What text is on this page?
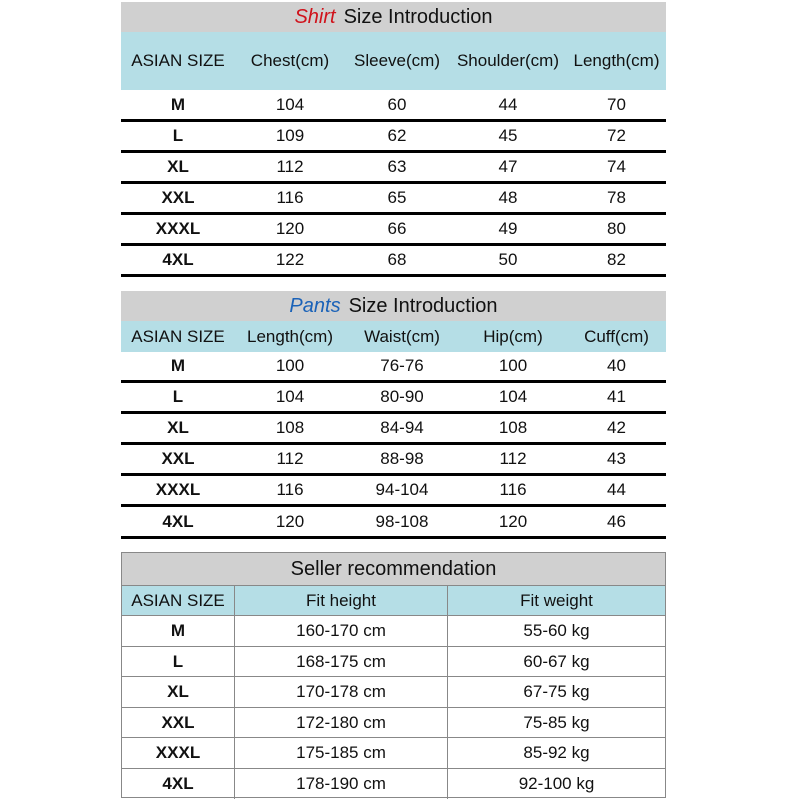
Shirt Size Introduction
ASIAN SIZE	Chest(cm)	Sleeve(cm) Shoulder(cm) Length(cm)
M	104	60	44	70
L	109	62	45	72
XL	112	63	47	74
XXL	116	65	48	78
XXXL	120	66	49	80
4XL	122	68	50	82
Pants Size Introduction
ASIAN SIZE	Length(cm)	Waist(cm)	Hip(cm)	Cuff(cm)
M	100	76-76	100	40
L	104	80-90	104	41
XL	108	84-94	108	42
XXL	112	88-98	112	43
XXXL	116	94-104	116	44
4XL	120	98-108	120	46
Seller recommendation
ASIAN SIZE	Fit height	Fit weight
M	160-170 cm	55-60 kg
L	168-175 cm	60-67 kg
XL	170-178 cm	67-75 kg
XXL	172-180 cm	75-85 kg
XXXL	175-185 cm	85-92 kg
4XL	178-190 cm	92-100 kg
